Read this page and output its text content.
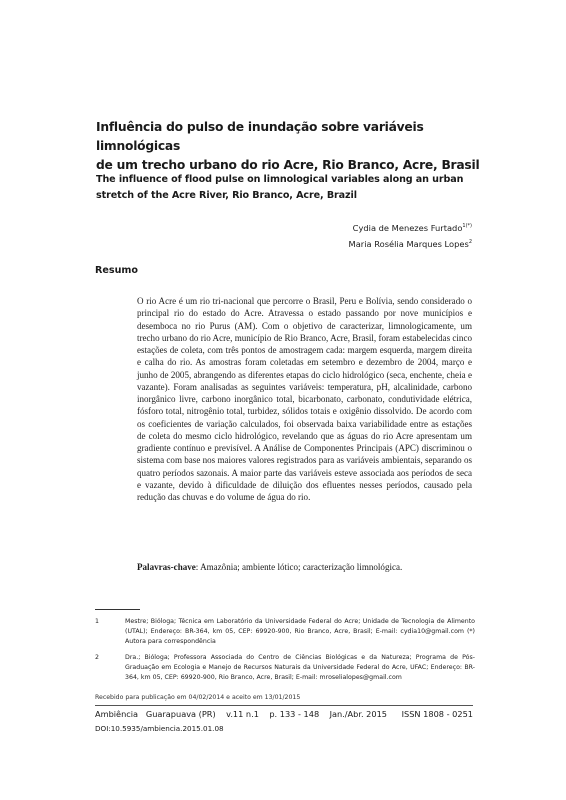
Influência do pulso de inundação sobre variáveis limnológicas
de um trecho urbano do rio Acre, Rio Branco, Acre, Brasil
The influence of flood pulse on limnological variables along an urban
stretch of the Acre River, Rio Branco, Acre, Brazil
Cydia de Menezes Furtado$^{1(*)}$
Maria Rosélia Marques Lopes$^2$
Resumo

O rio Acre é um rio tri-nacional que percorre o Brasil, Peru e Bolívia, sendo considerado o principal rio do estado do Acre. Atravessa o estado passando por nove municípios e desemboca no rio Purus (AM). Com o objetivo de caracterizar, limnologicamente, um trecho urbano do rio Acre, município de Rio Branco, Acre, Brasil, foram estabelecidas cinco estações de coleta, com três pontos de amostragem cada: margem esquerda, margem direita e calha do rio. As amostras foram coletadas em setembro e dezembro de 2004, março e junho de 2005, abrangendo as diferentes etapas do ciclo hidrológico (seca, enchente, cheia e vazante). Foram analisadas as seguintes variáveis: temperatura, pH, alcalinidade, carbono inorgânico livre, carbono inorgânico total, bicarbonato, carbonato, condutividade elétrica, fósforo total, nitrogênio total, turbidez, sólidos totais e oxigênio dissolvido. De acordo com os coeficientes de variação calculados, foi observada baixa variabilidade entre as estações de coleta do mesmo ciclo hidrológico, revelando que as águas do rio Acre apresentam um gradiente contínuo e previsível. A Análise de Componentes Principais (APC) discriminou o sistema com base nos maiores valores registrados para as variáveis ambientais, separando os quatro períodos sazonais. A maior parte das variáveis esteve associada aos períodos de seca e vazante, devido à dificuldade de diluição dos efluentes nesses períodos, causado pela redução das chuvas e do volume de água do rio.

Palavras-chave: Amazônia; ambiente lótico; caracterização limnológica.

1	Mestre; Bióloga; Técnica em Laboratório da Universidade Federal do Acre; Unidade de Tecnologia de Alimento (UTAL); Endereço: BR-364, km 05, CEP: 69920-900, Rio Branco, Acre, Brasil; E-mail: cydia10@gmail.com (*) Autora para correspondência
2	Dra.; Bióloga; Professora Associada do Centro de Ciências Biológicas e da Natureza; Programa de Pós-Graduação em Ecologia e Manejo de Recursos Naturais da Universidade Federal do Acre, UFAC; Endereço: BR-364, km 05, CEP: 69920-900, Rio Branco, Acre, Brasil; E-mail: mroselialopes@gmail.com
Recebido para publicação em 04/02/2014 e aceito em 13/01/2015
Ambiência   Guarapuava (PR)    v.11 n.1    p. 133 - 148    Jan./Abr. 2015 ISSN 1808 - 0251
DOI:10.5935/ambiencia.2015.01.08
